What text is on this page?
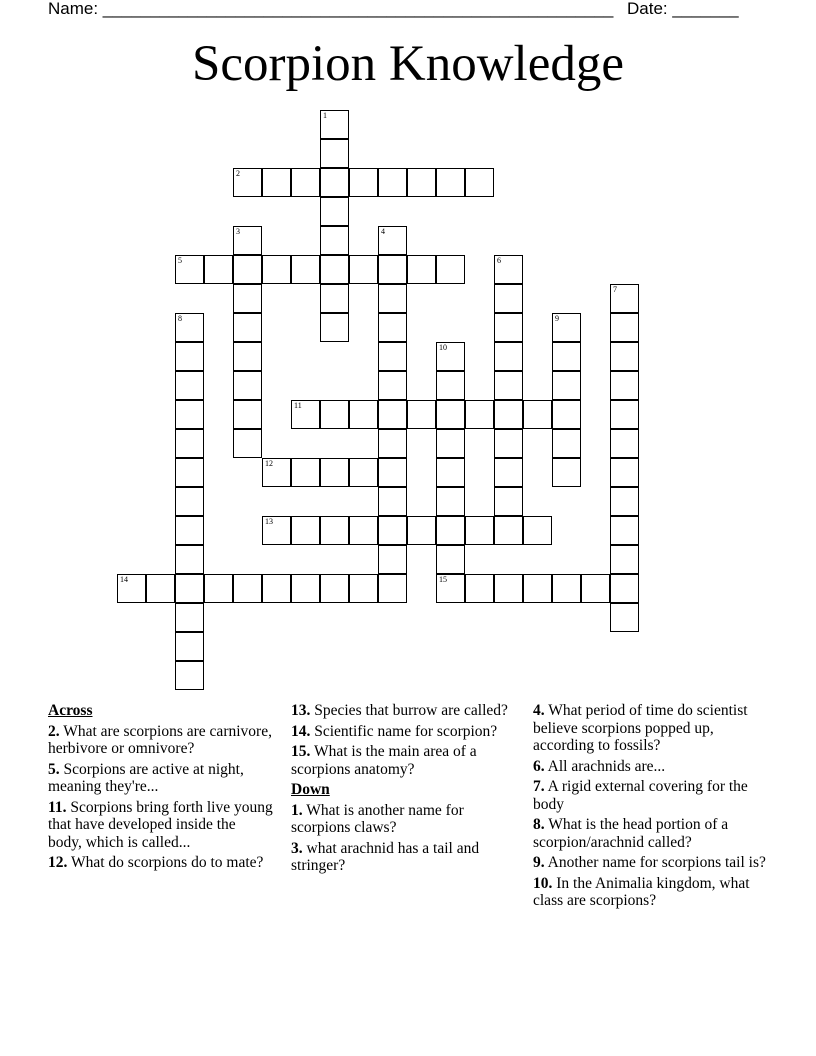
Name: ______________________________________________________ Date: _______
Scorpion Knowledge
1
2
3	4
5	6
7
8	9
10
15
11
12
13
14
Across
2. What are scorpions are carnivore, herbivore or omnivore?
5. Scorpions are active at night, meaning they're...
11. Scorpions bring forth live young that have developed inside the body, which is called...
12. What do scorpions do to mate?
13. Species that burrow are called?
14. Scientific name for scorpion?
15. What is the main area of a scorpions anatomy?
Down
1. What is another name for scorpions claws?
3. what arachnid has a tail and stringer?
4. What period of time do scientist believe scorpions popped up, according to fossils?
6. All arachnids are...
7. A rigid external covering for the body
8. What is the head portion of a scorpion/arachnid called?
9. Another name for scorpions tail is?
10. In the Animalia kingdom, what class are scorpions?
